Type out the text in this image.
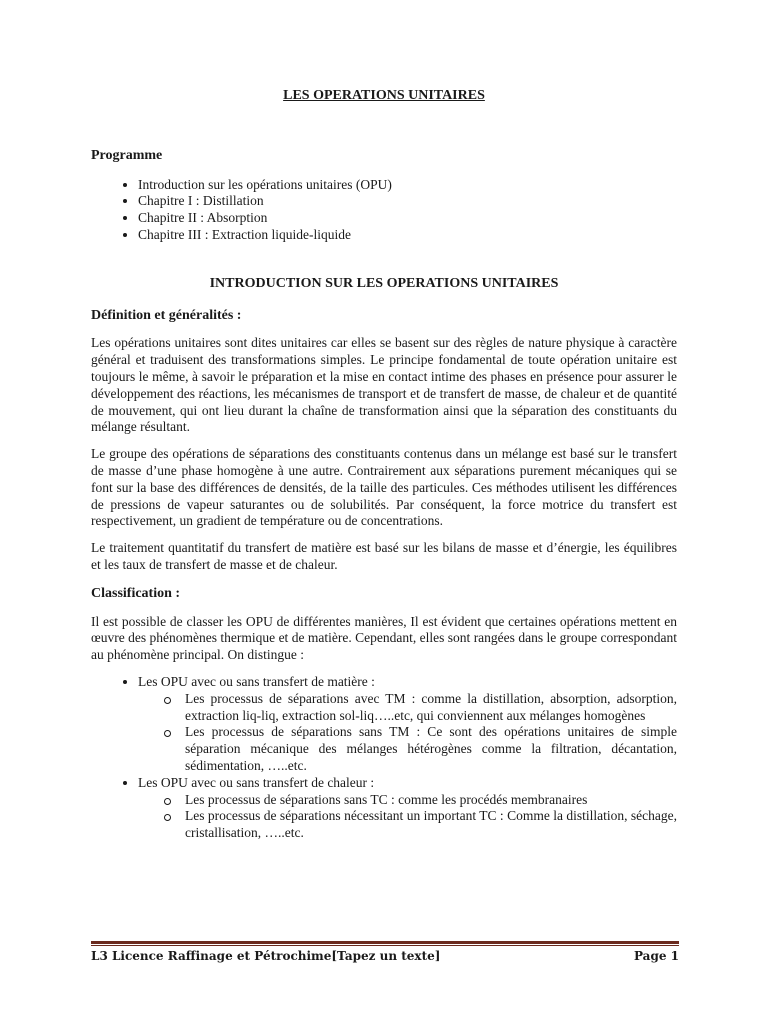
LES OPERATIONS UNITAIRES

Programme
• Introduction sur les opérations unitaires (OPU)
• Chapitre I : Distillation
• Chapitre II : Absorption
• Chapitre III : Extraction liquide-liquide
INTRODUCTION SUR LES OPERATIONS UNITAIRES
Définition et généralités :

Les opérations unitaires sont dites unitaires car elles se basent sur des règles de nature physique à caractère général et traduisent des transformations simples. Le principe fondamental de toute opération unitaire est toujours le même, à savoir le préparation et la mise en contact intime des phases en présence pour assurer le développement des réactions, les mécanismes de transport et de transfert de masse, de chaleur et de quantité de mouvement, qui ont lieu durant la chaîne de transformation ainsi que la séparation des constituants du mélange résultant.

Le groupe des opérations de séparations des constituants contenus dans un mélange est basé sur le transfert de masse d’une phase homogène à une autre. Contrairement aux séparations purement mécaniques qui se font sur la base des différences de densités, de la taille des particules. Ces méthodes utilisent les différences de pressions de vapeur saturantes ou de solubilités. Par conséquent, la force motrice du transfert est respectivement, un gradient de température ou de concentrations.

Le traitement quantitatif du transfert de matière est basé sur les bilans de masse et d’énergie, les équilibres et les taux de transfert de masse et de chaleur.

Classification :

Il est possible de classer les OPU de différentes manières, Il est évident que certaines opérations mettent en œuvre des phénomènes thermique et de matière. Cependant, elles sont rangées dans le groupe correspondant au phénomène principal. On distingue :

• Les OPU avec ou sans transfert de matière :
Les processus de séparations avec TM : comme la distillation, absorption, adsorption, extraction liq-liq, extraction sol-liq…..etc, qui conviennent aux mélanges homogènes
Les processus de séparations sans TM : Ce sont des opérations unitaires de simple séparation mécanique des mélanges hétérogènes comme la filtration, décantation, sédimentation, …..etc.
• Les OPU avec ou sans transfert de chaleur :
Les processus de séparations sans TC : comme les procédés membranaires
Les processus de séparations nécessitant un important TC : Comme la distillation, séchage, cristallisation, …..etc.
L3 Licence Raffinage et Pétrochime[Tapez un texte]	Page 1
